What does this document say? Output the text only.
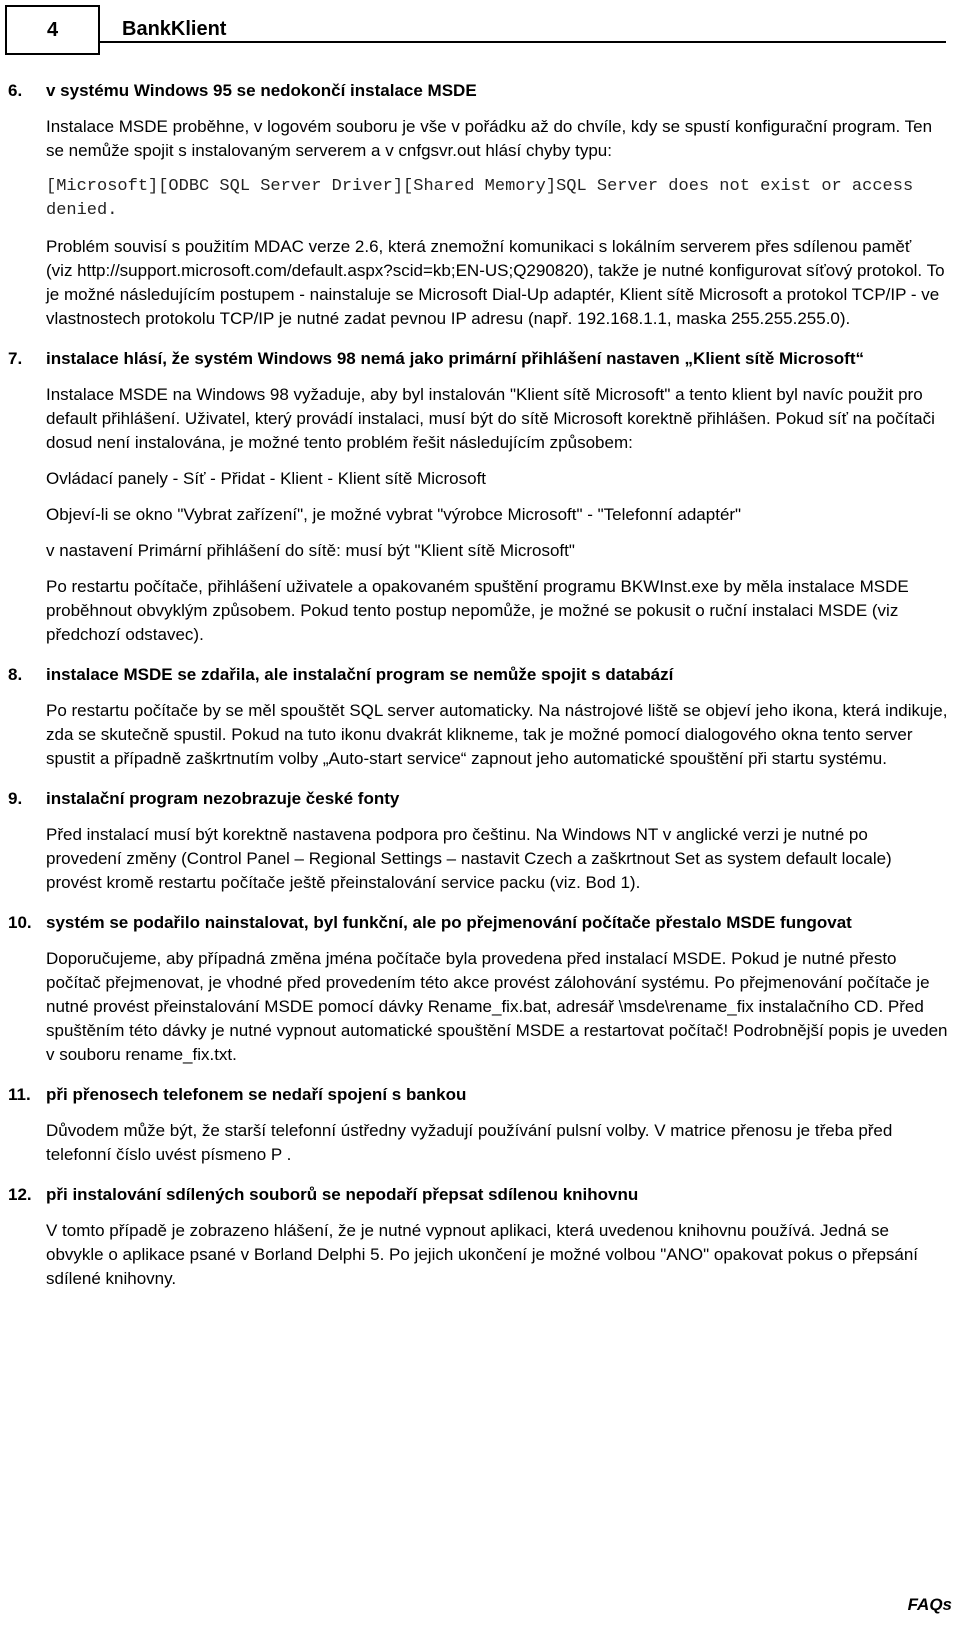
4	BankKlient
6. v systému Windows 95 se nedokončí instalace MSDE
Instalace MSDE proběhne, v logovém souboru je vše v pořádku až do chvíle, kdy se spustí konfigurační program. Ten se nemůže spojit s instalovaným serverem a v cnfgsvr.out hlásí chyby typu:
[Microsoft][ODBC SQL Server Driver][Shared Memory]SQL Server does not exist or access denied.
Problém souvisí s použitím MDAC verze 2.6, která znemožní komunikaci s lokálním serverem přes sdílenou paměť
(viz http://support.microsoft.com/default.aspx?scid=kb;EN-US;Q290820), takže je nutné konfigurovat síťový protokol. To je možné následujícím postupem - nainstaluje se Microsoft Dial-Up adaptér, Klient sítě Microsoft a protokol TCP/IP - ve vlastnostech protokolu TCP/IP je nutné zadat pevnou IP adresu (např. 192.168.1.1, maska 255.255.255.0).
7. instalace hlásí, že systém Windows 98 nemá jako primární přihlášení nastaven „Klient sítě Microsoft“
Instalace MSDE na Windows 98 vyžaduje, aby byl instalován "Klient sítě Microsoft" a tento klient byl navíc použit pro default přihlášení. Uživatel, který provádí instalaci, musí být do sítě Microsoft korektně přihlášen. Pokud síť na počítači dosud není instalována, je možné tento problém řešit následujícím způsobem:
Ovládací panely - Síť - Přidat - Klient - Klient sítě Microsoft
Objeví-li se okno "Vybrat zařízení", je možné vybrat "výrobce Microsoft" - "Telefonní adaptér"
v nastavení Primární přihlášení do sítě: musí být "Klient sítě Microsoft"
Po restartu počítače, přihlášení uživatele a opakovaném spuštění programu BKWInst.exe by měla instalace MSDE proběhnout obvyklým způsobem. Pokud tento postup nepomůže, je možné se pokusit o ruční instalaci MSDE (viz předchozí odstavec).
8. instalace MSDE se zdařila, ale instalační program se nemůže spojit s databází
Po restartu počítače by se měl spouštět SQL server automaticky. Na nástrojové liště se objeví jeho ikona, která indikuje, zda se skutečně spustil. Pokud na tuto ikonu dvakrát klikneme, tak je možné pomocí dialogového okna tento server spustit a případně zaškrtnutím volby „Auto-start service“ zapnout jeho automatické spouštění při startu systému.
9. instalační program nezobrazuje české fonty
Před instalací musí být korektně nastavena podpora pro češtinu. Na Windows NT v anglické verzi je nutné po provedení změny (Control Panel – Regional Settings – nastavit Czech a zaškrtnout Set as system default locale) provést kromě restartu počítače ještě přeinstalování service packu (viz. Bod 1).
10. systém se podařilo nainstalovat, byl funkční, ale po přejmenování počítače přestalo MSDE fungovat
Doporučujeme, aby případná změna jména počítače byla provedena před instalací MSDE. Pokud je nutné přesto počítač přejmenovat, je vhodné před provedením této akce provést zálohování systému. Po přejmenování počítače je nutné provést přeinstalování MSDE pomocí dávky Rename_fix.bat, adresář \msde\rename_fix instalačního CD. Před spuštěním této dávky je nutné vypnout automatické spouštění MSDE a restartovat počítač! Podrobnější popis je uveden v souboru rename_fix.txt.
11. při přenosech telefonem se nedaří spojení s bankou
Důvodem může být, že starší telefonní ústředny vyžadují používání pulsní volby. V matrice přenosu je třeba před telefonní číslo uvést písmeno P .
12. při instalování sdílených souborů se nepodaří přepsat sdílenou knihovnu
V tomto případě je zobrazeno hlášení, že je nutné vypnout aplikaci, která uvedenou knihovnu používá. Jedná se obvykle o aplikace psané v Borland Delphi 5. Po jejich ukončení je možné volbou "ANO" opakovat pokus o přepsání sdílené knihovny.
FAQs
